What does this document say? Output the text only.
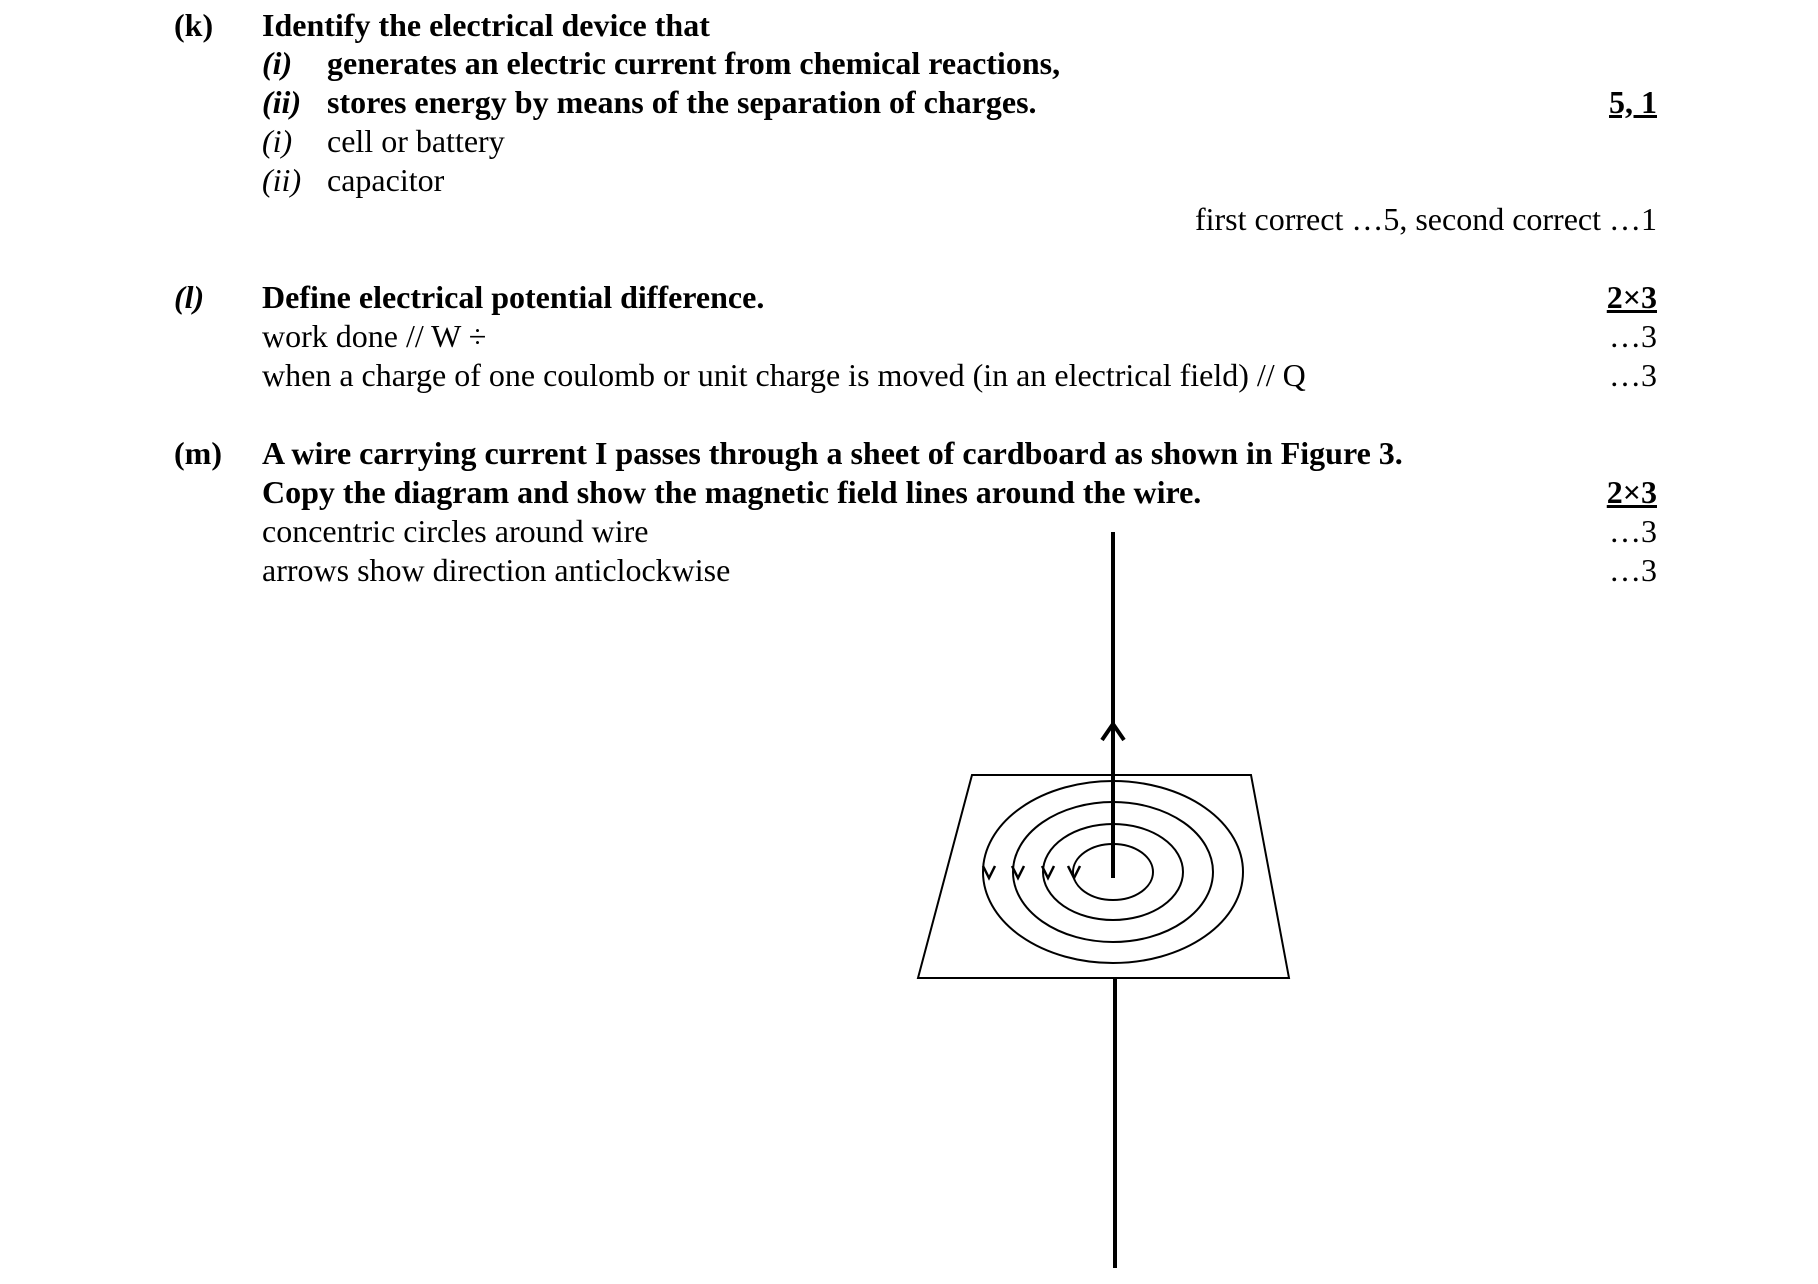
(k) Identify the electrical device that
(i)	generates an electric current from chemical reactions,
(ii) stores energy by means of the separation of charges.	5, 1
(i)	cell or battery
(ii) capacitor
first correct …5, second correct …1
(l) Define electrical potential difference.	2×3
work done // W ÷	…3
when a charge of one coulomb or unit charge is moved (in an electrical field) // Q	…3
(m) A wire carrying current I passes through a sheet of cardboard as shown in Figure 3.
Copy the diagram and show the magnetic field lines around the wire.	2×3
concentric circles around wire	…3
arrows show direction anticlockwise	…3
